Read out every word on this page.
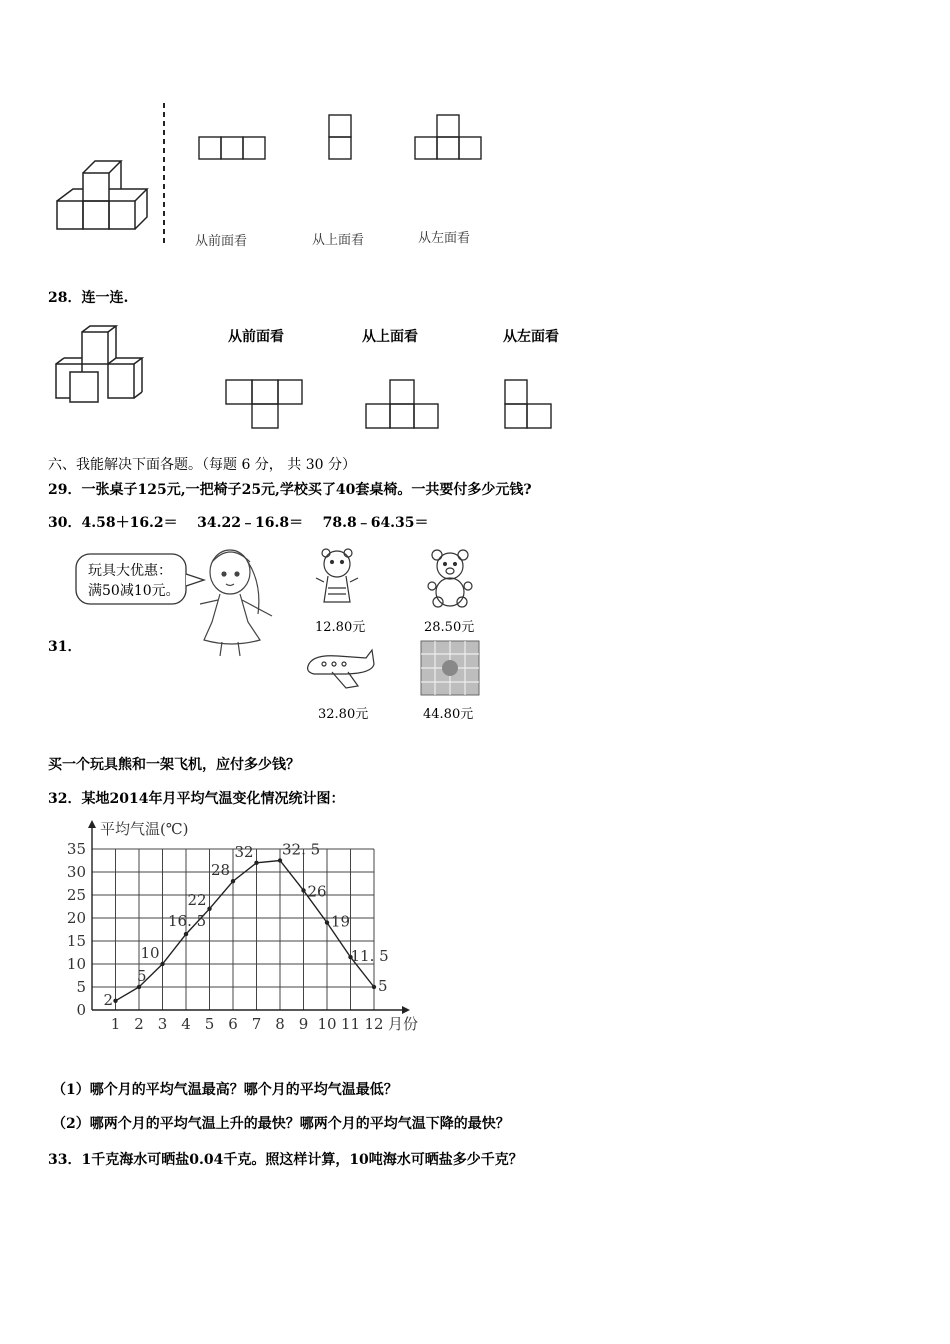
从前面看	从上面看	从左面看
28．连一连.
从前面看	从上面看	从左面看
六、我能解决下面各题。（每题 6 分， 共 30 分）
29．一张桌子125元,一把椅子25元,学校买了40套桌椅。一共要付多少元钱?
30．4.58＋16.2＝    34.22﹣16.8＝    78.8﹣64.35＝
31．
玩具大优惠：
满50减10元。
12.80元	28.50元
32.80元	44.80元
买一个玩具熊和一架飞机，应付多少钱？
32．某地2014年月平均气温变化情况统计图：
0
5
10
15
20
25
30
35
1 2 3 4 5 6 7 8 9 10 11 12
平均气温(℃)
月份
2
5
10
16. 5
22
28
32 32. 5
26
19
11. 5
5
（1）哪个月的平均气温最高？哪个月的平均气温最低？
（2）哪两个月的平均气温上升的最快？哪两个月的平均气温下降的最快？
33．1千克海水可晒盐0.04千克。照这样计算，10吨海水可晒盐多少千克？
